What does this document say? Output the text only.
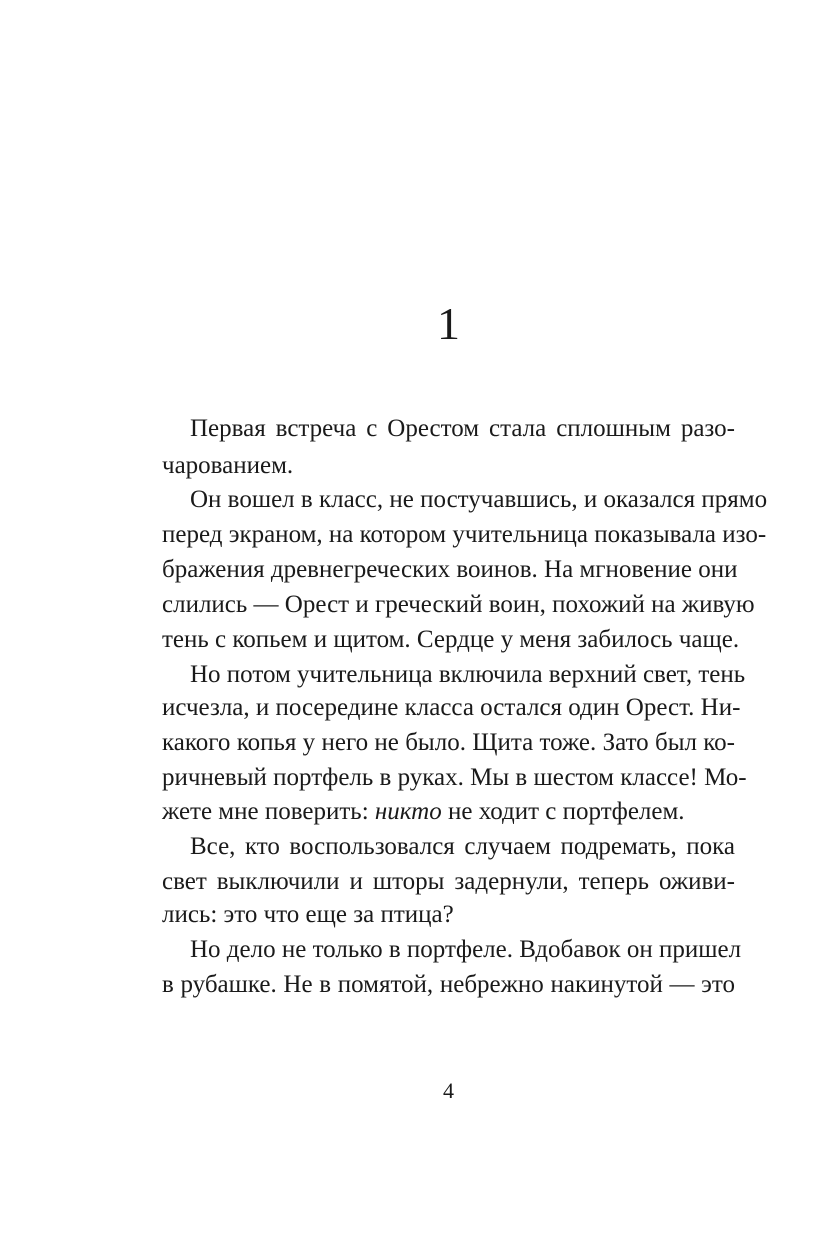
1
Первая встреча с Орестом стала сплошным разо-
чарованием.
Он вошел в класс, не постучавшись, и оказался прямо
перед экраном, на котором учительница показывала изо-
бражения древнегреческих воинов. На мгновение они
слились — Орест и греческий воин, похожий на живую
тень с копьем и щитом. Сердце у меня забилось чаще.
Но потом учительница включила верхний свет, тень
исчезла, и посередине класса остался один Орест. Ни-
какого копья у него не было. Щита тоже. Зато был ко-
ричневый портфель в руках. Мы в шестом классе! Мо-
жете мне поверить: никто не ходит с портфелем.
Все, кто воспользовался случаем подремать, пока
свет выключили и шторы задернули, теперь оживи-
лись: это что еще за птица?
Но дело не только в портфеле. Вдобавок он пришел
в рубашке. Не в помятой, небрежно накинутой — это
4
